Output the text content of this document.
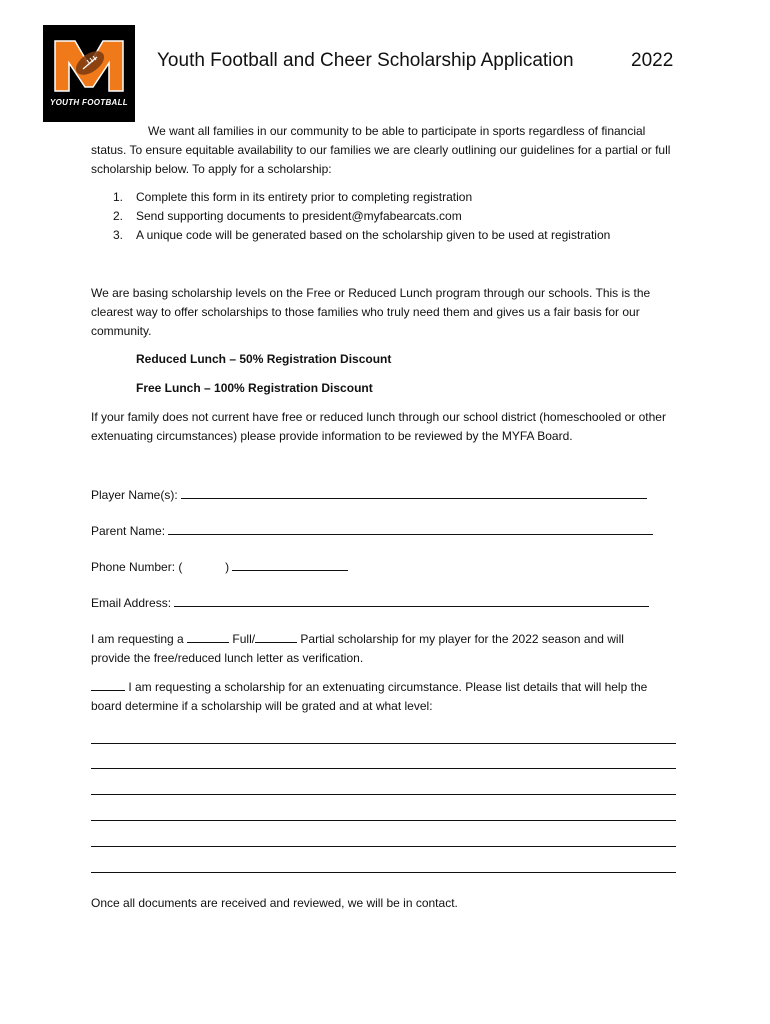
YOUTH FOOTBALL
Youth Football and Cheer Scholarship Application	2022
We want all families in our community to be able to participate in sports regardless of financial status. To ensure equitable availability to our families we are clearly outlining our guidelines for a partial or full scholarship below. To apply for a scholarship:
1. Complete this form in its entirety prior to completing registration
2. Send supporting documents to president@myfabearcats.com
3. A unique code will be generated based on the scholarship given to be used at registration
We are basing scholarship levels on the Free or Reduced Lunch program through our schools. This is the clearest way to offer scholarships to those families who truly need them and gives us a fair basis for our community.
Reduced Lunch – 50% Registration Discount
Free Lunch – 100% Registration Discount
If your family does not current have free or reduced lunch through our school district (homeschooled or other extenuating circumstances) please provide information to be reviewed by the MYFA Board.
Player Name(s):
Parent Name:
Phone Number: (	)
Email Address:
I am requesting a	Full/	Partial scholarship for my player for the 2022 season and will
provide the free/reduced lunch letter as verification.
I am requesting a scholarship for an extenuating circumstance. Please list details that will help the
board determine if a scholarship will be grated and at what level:
Once all documents are received and reviewed, we will be in contact.
